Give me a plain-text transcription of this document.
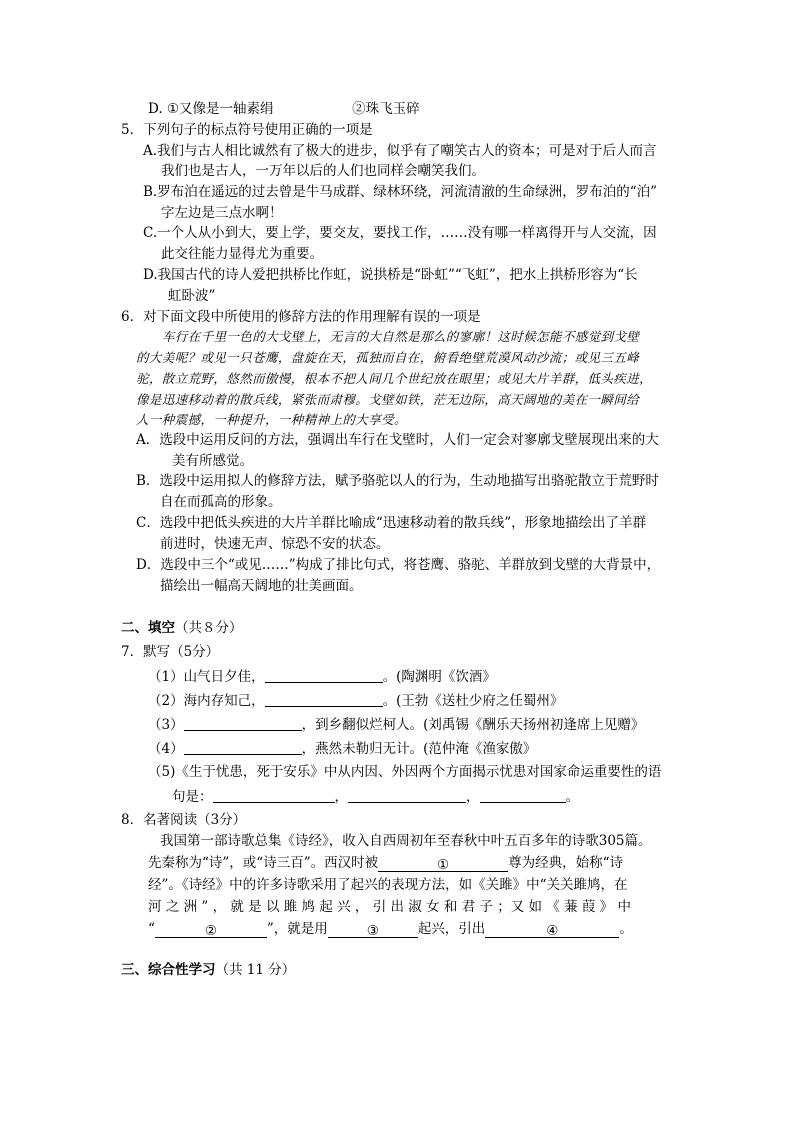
D. ①又像是一轴素绢	②珠飞玉碎
5．下列句子的标点符号使用正确的一项是
A.我们与古人相比诚然有了极大的进步，似乎有了嘲笑古人的资本；可是对于后人而言
我们也是古人，一万年以后的人们也同样会嘲笑我们。
B.罗布泊在遥远的过去曾是牛马成群、绿林环绕，河流清澈的生命绿洲，罗布泊的“泊”
字左边是三点水啊！
C.一个人从小到大，要上学，要交友，要找工作，……没有哪一样离得开与人交流，因
此交往能力显得尤为重要。
D.我国古代的诗人爱把拱桥比作虹，说拱桥是“卧虹”“飞虹”，把水上拱桥形容为“长
虹卧波”
6．对下面文段中所使用的修辞方法的作用理解有误的一项是
车行在千里一色的大戈壁上，无言的大自然是那么的寥廓！这时候怎能不感觉到戈壁
的大美呢？或见一只苍鹰，盘旋在天，孤独而自在，俯看绝壁荒漠风动沙流；或见三五峰
驼，散立荒野，悠然而傲慢，根本不把人间几个世纪放在眼里；或见大片羊群，低头疾进，
像是迅速移动着的散兵线，紧张而肃穆。戈壁如铁，茫无边际，高天阔地的美在一瞬间给
人一种震撼，一种提升，一种精神上的大享受。
A．选段中运用反问的方法，强调出车行在戈壁时，人们一定会对寥廓戈壁展现出来的大
美有所感觉。
B．选段中运用拟人的修辞方法，赋予骆驼以人的行为，生动地描写出骆驼散立于荒野时
自在而孤高的形象。
C．选段中把低头疾进的大片羊群比喻成“迅速移动着的散兵线”，形象地描绘出了羊群
前进时，快速无声、惊恐不安的状态。
D．选段中三个“或见……”构成了排比句式，将苍鹰、骆驼、羊群放到戈壁的大背景中，
描绘出一幅高天阔地的壮美画面。
二、填空（共８分）
7．默写（5分）
（1）山气日夕佳，	。(陶渊明《饮酒》
（2）海内存知己，	。(王勃《送杜少府之任蜀州》
（3）	，到乡翻似烂柯人。(刘禹锡《酬乐天扬州初逢席上见赠》
（4）	，燕然未勒归无计。(范仲淹《渔家傲》
（5)《生于忧患，死于安乐》中从内因、外因两个方面揭示忧患对国家命运重要性的语
句是：	，	，	。
8．名著阅读（3分）
我国第一部诗歌总集《诗经》，收入自西周初年至春秋中叶五百多年的诗歌305篇。
先秦称为“诗”，或“诗三百”。西汉时被	①	尊为经典，始称“诗
经”。《诗经》中的许多诗歌采用了起兴的表现方法，如《关雎》中“关关雎鸠，在
河 之 洲 ” ， 就 是 以 雎 鸠 起 兴 ， 引 出 淑 女 和 君 子 ；又 如 《 蒹 葭 》 中
“	②	”，就是用	③	起兴，引出	④	。
三、综合性学习（共 11 分）
